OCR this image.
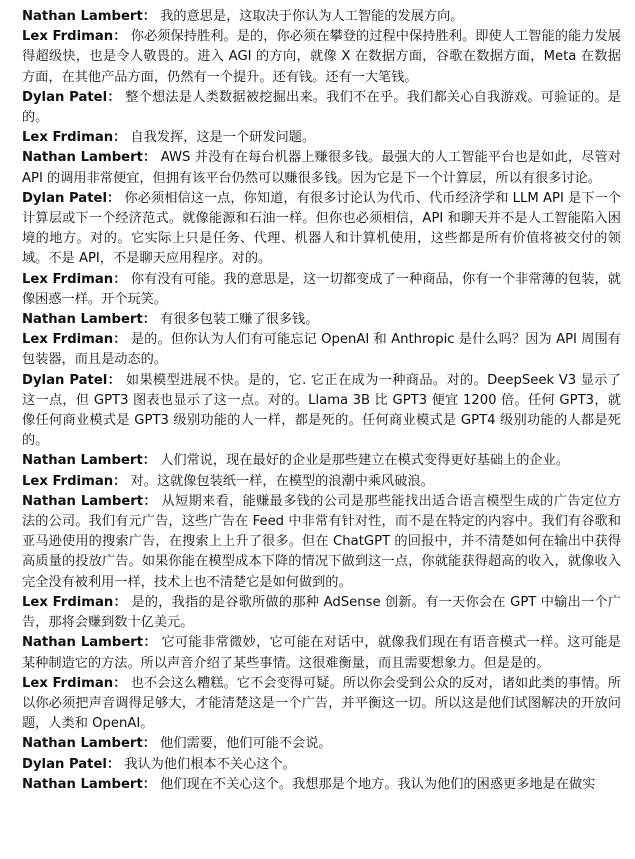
Nathan Lambert： 我的意思是，这取决于你认为人工智能的发展方向。

Lex Frdiman： 你必须保持胜利。是的，你必须在攀登的过程中保持胜利。即使人工智能的能力发展得超级快，也是令人敬畏的。进入 AGI 的方向，就像 X 在数据方面，谷歌在数据方面，Meta 在数据方面，在其他产品方面，仍然有一个提升。还有钱。还有一大笔钱。

Dylan Patel： 整个想法是人类数据被挖掘出来。我们不在乎。我们都关心自我游戏。可验证的。是的。

Lex Frdiman： 自我发挥，这是一个研发问题。

Nathan Lambert： AWS 并没有在每台机器上赚很多钱。最强大的人工智能平台也是如此，尽管对 API 的调用非常便宜，但拥有该平台仍然可以赚很多钱。因为它是下一个计算层，所以有很多讨论。

Dylan Patel： 你必须相信这一点，你知道，有很多讨论认为代币、代币经济学和 LLM API 是下一个计算层或下一个经济范式。就像能源和石油一样。但你也必须相信，API 和聊天并不是人工智能陷入困境的地方。对的。它实际上只是任务、代理、机器人和计算机使用，这些都是所有价值将被交付的领域。不是 API，不是聊天应用程序。对的。

Lex Frdiman： 你有没有可能。我的意思是，这一切都变成了一种商品，你有一个非常薄的包装，就像困惑一样。开个玩笑。

Nathan Lambert： 有很多包装工赚了很多钱。

Lex Frdiman： 是的。但你认为人们有可能忘记 OpenAI 和 Anthropic 是什么吗？因为 API 周围有包装器，而且是动态的。

Dylan Patel： 如果模型进展不快。是的，它. 它正在成为一种商品。对的。DeepSeek V3 显示了这一点，但 GPT3 图表也显示了这一点。对的。Llama 3B 比 GPT3 便宜 1200 倍。任何 GPT3，就像任何商业模式是 GPT3 级别功能的人一样，都是死的。任何商业模式是 GPT4 级别功能的人都是死的。

Nathan Lambert： 人们常说，现在最好的企业是那些建立在模式变得更好基础上的企业。

Lex Frdiman： 对。这就像包装纸一样，在模型的浪潮中乘风破浪。

Nathan Lambert： 从短期来看，能赚最多钱的公司是那些能找出适合语言模型生成的广告定位方法的公司。我们有元广告，这些广告在 Feed 中非常有针对性，而不是在特定的内容中。我们有谷歌和亚马逊使用的搜索广告，在搜索上上升了很多。但在 ChatGPT 的回报中，并不清楚如何在输出中获得高质量的投放广告。如果你能在模型成本下降的情况下做到这一点，你就能获得超高的收入，就像收入完全没有被利用一样，技术上也不清楚它是如何做到的。

Lex Frdiman： 是的，我指的是谷歌所做的那种 AdSense 创新。有一天你会在 GPT 中输出一个广告，那将会赚到数十亿美元。

Nathan Lambert： 它可能非常微妙，它可能在对话中，就像我们现在有语音模式一样。这可能是某种制造它的方法。所以声音介绍了某些事情。这很难衡量，而且需要想象力。但是是的。

Lex Frdiman： 也不会这么糟糕。它不会变得可疑。所以你会受到公众的反对，诸如此类的事情。所以你必须把声音调得足够大，才能清楚这是一个广告，并平衡这一切。所以这是他们试图解决的开放问题，人类和 OpenAI。

Nathan Lambert： 他们需要，他们可能不会说。

Dylan Patel： 我认为他们根本不关心这个。

Nathan Lambert： 他们现在不关心这个。我想那是个地方。我认为他们的困惑更多地是在做实
